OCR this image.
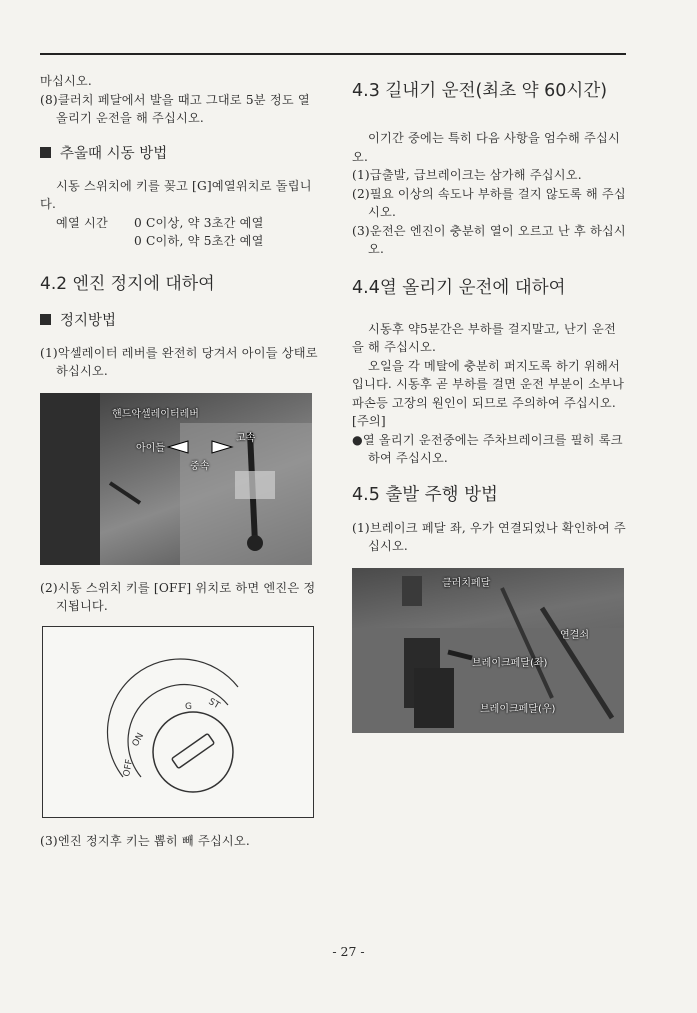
마십시오.

(8)클러치 페달에서 발을 때고 그대로 5분 정도 열 올리기 운전을 해 주십시오.

추울때 시동 방법

시동 스위치에 키를 꽂고 [G]예열위치로 돌립니다.

예열 시간	0 C이상, 약 3초간 예열

0 C이하, 약 5초간 예열

4.2 엔진 정지에 대하여
정지방법

(1)악셀레이터 레버를 완전히 당겨서 아이들 상태로 하십시오.

핸드악셀레이터레버
아이들
고속
중속

(2)시동 스위치 키를 [OFF] 위치로 하면 엔진은 정지됩니다.

ON
OFF
G ST

(3)엔진 정지후 키는 뽑히 빼 주십시오.

4.3 길내기 운전(최초 약 60시간)

이기간 중에는 특히 다음 사항을 엄수해 주십시오.

(1)급출발, 급브레이크는 삼가해 주십시오.

(2)필요 이상의 속도나 부하를 걸지 않도록 해 주십시오.

(3)운전은 엔진이 충분히 열이 오르고 난 후 하십시오.

4.4열 올리기 운전에 대하여

시동후 약5분간은 부하를 걸지말고, 난기 운전을 해 주십시오.

오일을 각 메탈에 충분히 퍼지도록 하기 위해서 입니다. 시동후 곧 부하를 걸면 운전 부분이 소부나 파손등 고장의 원인이 되므로 주의하여 주십시오.

[주의]

●열 올리기 운전중에는 주차브레이크를 필히 록크하여 주십시오.

4.5 출발 주행 방법

(1)브레이크 페달 좌, 우가 연결되었나 확인하여 주십시오.

클러치페달
연결쇠
브레이크페달(좌)
브레이크페달(우)
- 27 -
